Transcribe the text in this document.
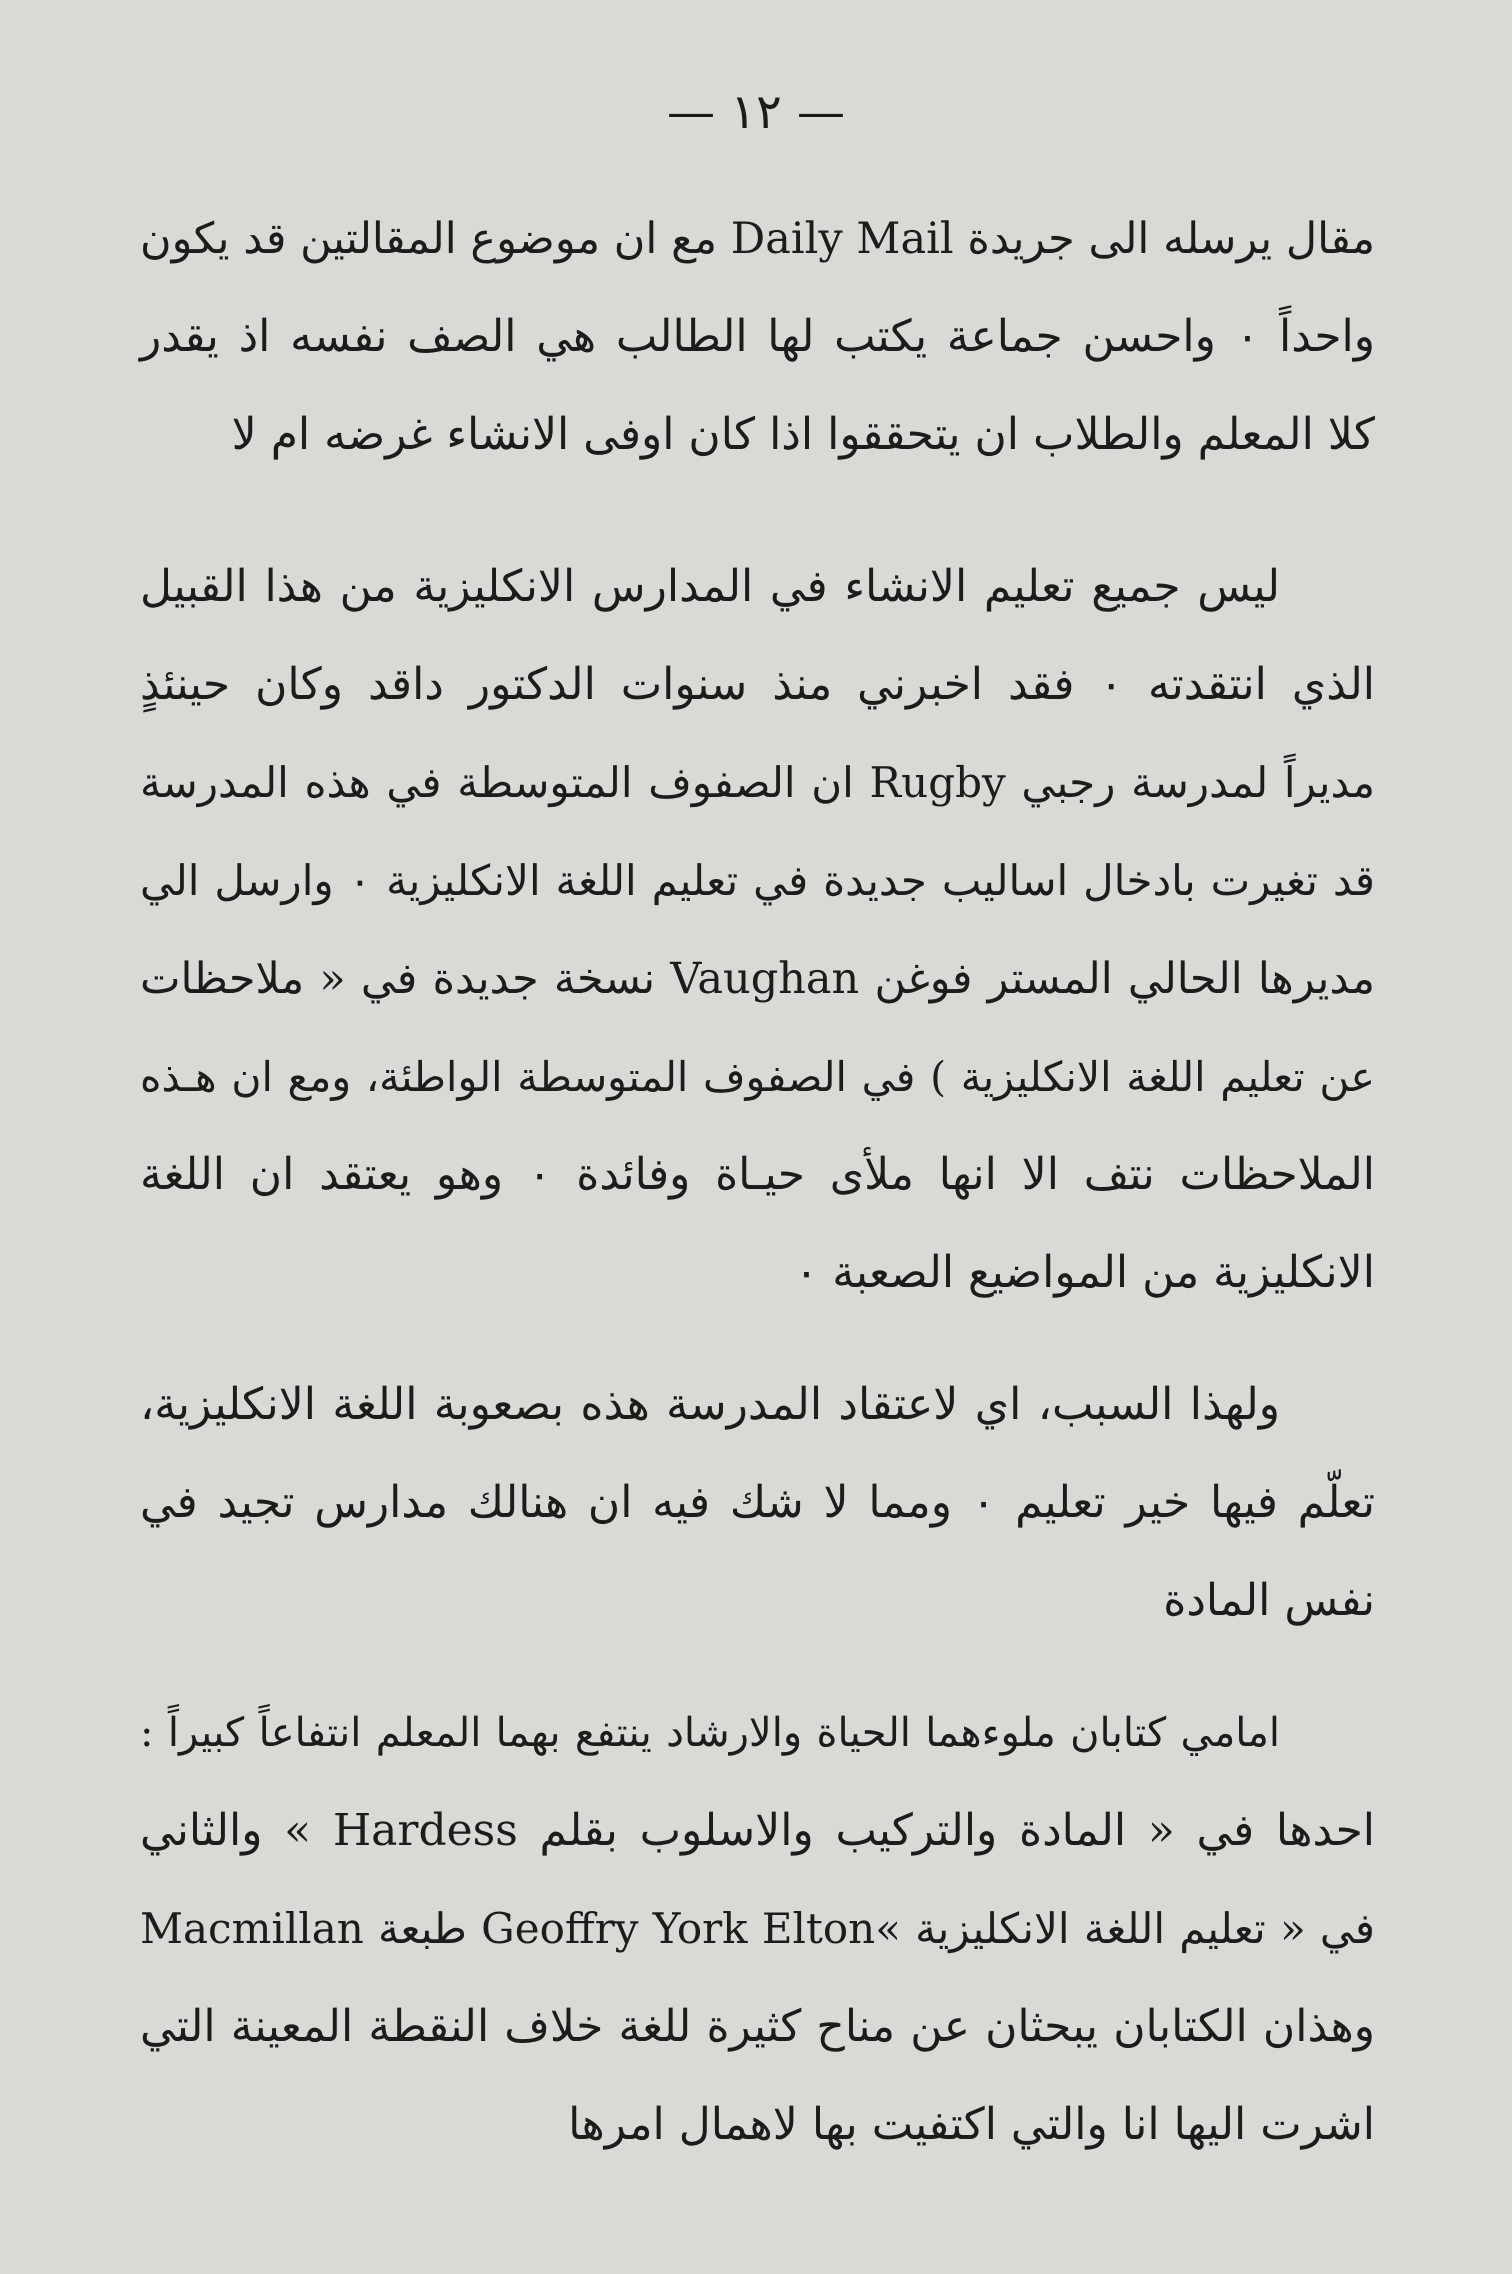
— ١٢ —
مقال يرسله الى جريدة Daily Mail مع ان موضوع المقالتين قد يكون
واحداً ٠ واحسن جماعة يكتب لها الطالب هي الصف نفسه اذ يقدر
كلا المعلم والطلاب ان يتحققوا اذا كان اوفى الانشاء غرضه ام لا
ليس جميع تعليم الانشاء في المدارس الانكليزية من هذا القبيل
الذي انتقدته ٠ فقد اخبرني منذ سنوات الدكتور داقد وكان حينئذٍ
مديراً لمدرسة رجبي Rugby ان الصفوف المتوسطة في هذه المدرسة
قد تغيرت بادخال اساليب جديدة في تعليم اللغة الانكليزية ٠ وارسل الي
مديرها الحالي المستر فوغن Vaughan نسخة جديدة في « ملاحظات
عن تعليم اللغة الانكليزية ) في الصفوف المتوسطة الواطئة، ومع ان هـذه
الملاحظات نتف الا انها ملأى حيـاة وفائدة ٠ وهو يعتقد ان اللغة
الانكليزية من المواضيع الصعبة ٠
ولهذا السبب، اي لاعتقاد المدرسة هذه بصعوبة اللغة الانكليزية،
تعلّم فيها خير تعليم ٠ ومما لا شك فيه ان هنالك مدارس تجيد في
نفس المادة
امامي كتابان ملوءهما الحياة والارشاد ينتفع بهما المعلم انتفاعاً كبيراً :
احدها في « المادة والتركيب والاسلوب بقلم Hardess » والثاني
في « تعليم اللغة الانكليزية »Geoffry York Elton طبعة Macmillan
وهذان الكتابان يبحثان عن مناح كثيرة للغة خلاف النقطة المعينة التي
اشرت اليها انا والتي اكتفيت بها لاهمال امرها
